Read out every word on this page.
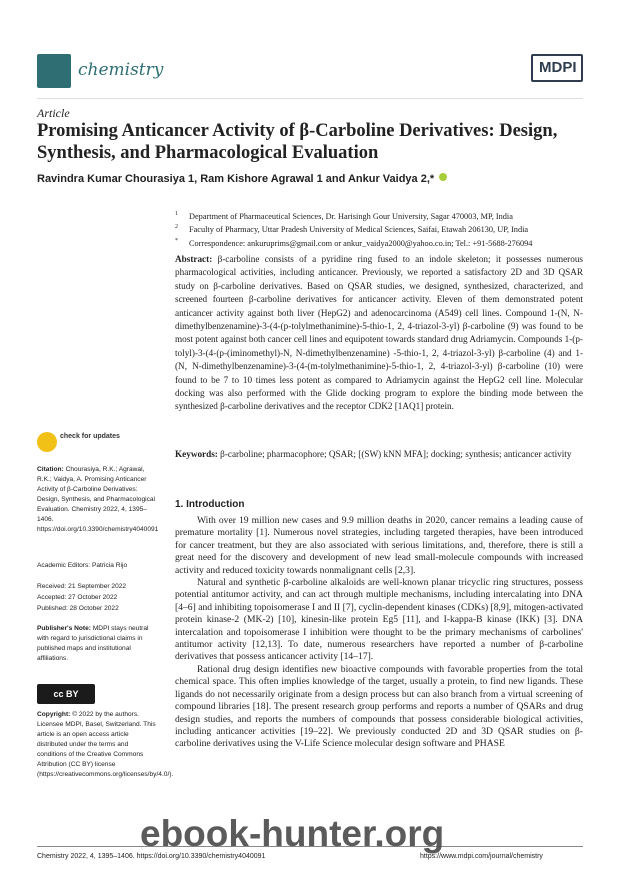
chemistry	MDPI
Article
Promising Anticancer Activity of β-Carboline Derivatives: Design, Synthesis, and Pharmacological Evaluation
Ravindra Kumar Chourasiya 1, Ram Kishore Agrawal 1 and Ankur Vaidya 2,*
$^1$ Department of Pharmaceutical Sciences, Dr. Harisingh Gour University, Sagar 470003, MP, India
$^2$ Faculty of Pharmacy, Uttar Pradesh University of Medical Sciences, Saifai, Etawah 206130, UP, India
* Correspondence: ankuruprims@gmail.com or ankur_vaidya2000@yahoo.co.in; Tel.: +91-5688-276094
Abstract: β-carboline consists of a pyridine ring fused to an indole skeleton; it possesses numerous pharmacological activities, including anticancer. Previously, we reported a satisfactory 2D and 3D QSAR study on β-carboline derivatives. Based on QSAR studies, we designed, synthesized, characterized, and screened fourteen β-carboline derivatives for anticancer activity. Eleven of them demonstrated potent anticancer activity against both liver (HepG2) and adenocarcinoma (A549) cell lines. Compound 1-(N, N-dimethylbenzenamine)-3-(4-(p-tolylmethanimine)-5-thio-1, 2, 4-triazol-3-yl) β-carboline (9) was found to be most potent against both cancer cell lines and equipotent towards standard drug Adriamycin. Compounds 1-(p-tolyl)-3-(4-(p-(iminomethyl)-N, N-dimethylbenzenamine) -5-thio-1, 2, 4-triazol-3-yl) β-carboline (4) and 1-(N, N-dimethylbenzenamine)-3-(4-(m-tolylmethanimine)-5-thio-1, 2, 4-triazol-3-yl) β-carboline (10) were found to be 7 to 10 times less potent as compared to Adriamycin against the HepG2 cell line. Molecular docking was also performed with the Glide docking program to explore the binding mode between the synthesized β-carboline derivatives and the receptor CDK2 [1AQ1] protein.
Keywords: β-carboline; pharmacophore; QSAR; [(SW) kNN MFA]; docking; synthesis; anticancer activity
check for updates
Citation: Chourasiya, R.K.; Agrawal, R.K.; Vaidya, A. Promising Anticancer Activity of β-Carboline Derivatives: Design, Synthesis, and Pharmacological Evaluation. Chemistry 2022, 4, 1395–1406. https://doi.org/10.3390/chemistry4040091
Academic Editors: Patricia Rijo
Received: 21 September 2022
Accepted: 27 October 2022
Published: 28 October 2022
Publisher's Note: MDPI stays neutral with regard to jurisdictional claims in published maps and institutional affiliations.
cc BY
Copyright: © 2022 by the authors. Licensee MDPI, Basel, Switzerland. This article is an open access article distributed under the terms and conditions of the Creative Commons Attribution (CC BY) license (https://creativecommons.org/licenses/by/4.0/).
1. Introduction

With over 19 million new cases and 9.9 million deaths in 2020, cancer remains a leading cause of premature mortality [1]. Numerous novel strategies, including targeted therapies, have been introduced for cancer treatment, but they are also associated with serious limitations, and, therefore, there is still a great need for the discovery and development of new lead small-molecule compounds with increased activity and reduced toxicity towards nonmalignant cells [2,3].

Natural and synthetic β-carboline alkaloids are well-known planar tricyclic ring structures, possess potential antitumor activity, and can act through multiple mechanisms, including intercalating into DNA [4–6] and inhibiting topoisomerase I and II [7], cyclin-dependent kinases (CDKs) [8,9], mitogen-activated protein kinase-2 (MK-2) [10], kinesin-like protein Eg5 [11], and I-kappa-B kinase (IKK) [3]. DNA intercalation and topoisomerase I inhibition were thought to be the primary mechanisms of carbolines' antitumor activity [12,13]. To date, numerous researchers have reported a number of β-carboline derivatives that possess anticancer activity [14–17].

Rational drug design identifies new bioactive compounds with favorable properties from the total chemical space. This often implies knowledge of the target, usually a protein, to find new ligands. These ligands do not necessarily originate from a design process but can also branch from a virtual screening of compound libraries [18]. The present research group performs and reports a number of QSARs and drug design studies, and reports the numbers of compounds that possess considerable biological activities, including anticancer activities [19–22]. We previously conducted 2D and 3D QSAR studies on β-carboline derivatives using the V-Life Science molecular design software and PHASE

Chemistry 2022, 4, 1395–1406. https://doi.org/10.3390/chemistry4040091	https://www.mdpi.com/journal/chemistry
ebook-hunter.org
